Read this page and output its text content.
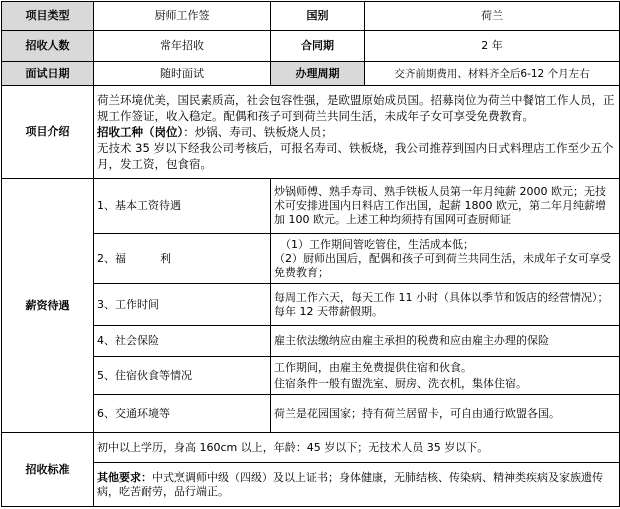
项目类型	厨师工作签	国别	荷兰
招收人数	常年招收	合同期	2 年
面试日期	随时面试	办理周期	交齐前期费用、材料齐全后6-12 个月左右
项目介绍	荷兰环境优美，国民素质高，社会包容性强，是欧盟原始成员国。招募岗位为荷兰中餐馆工作人员，正规工作签证，收入稳定。配偶和孩子可到荷兰共同生活，未成年子女可享受免费教育。
招收工种（岗位）：炒锅、寿司、铁板烧人员；
无技术 35 岁以下经我公司考核后，可报名寿司、铁板烧，我公司推荐到国内日式料理店工作至少五个月，发工资，包食宿。		

薪资待遇	1、基本工资待遇	炒锅师傅、熟手寿司、熟手铁板人员第一年月纯薪 2000 欧元；无技术可安排进国内日料店工作出国，起薪 1800 欧元，第二年月纯薪增加 100 欧元。上述工种均须持有国网可查厨师证	
	2、福 利	（1）工作期间管吃管住，生活成本低；
（2）厨师出国后，配偶和孩子可到荷兰共同生活，未成年子女可享受免费教育；	

	3、工作时间	每周工作六天，每天工作 11 小时（具体以季节和饭店的经营情况）；每年 12 天带薪假期。	
	4、社会保险	雇主依法缴纳应由雇主承担的税费和应由雇主办理的保险	
	5、住宿伙食等情况	工作期间，由雇主免费提供住宿和伙食。
住宿条件一般有盥洗室、厨房、洗衣机，集体住宿。	

	6、交通环境等	荷兰是花园国家；持有荷兰居留卡，可自由通行欧盟各国。	
招收标准	初中以上学历，身高 160cm 以上，年龄：45 岁以下；无技术人员 35 岁以下。		
	其他要求：中式烹调师中级（四级）及以上证书；身体健康，无肺结核、传染病、精神类疾病及家族遗传病，吃苦耐劳，品行端正。		
